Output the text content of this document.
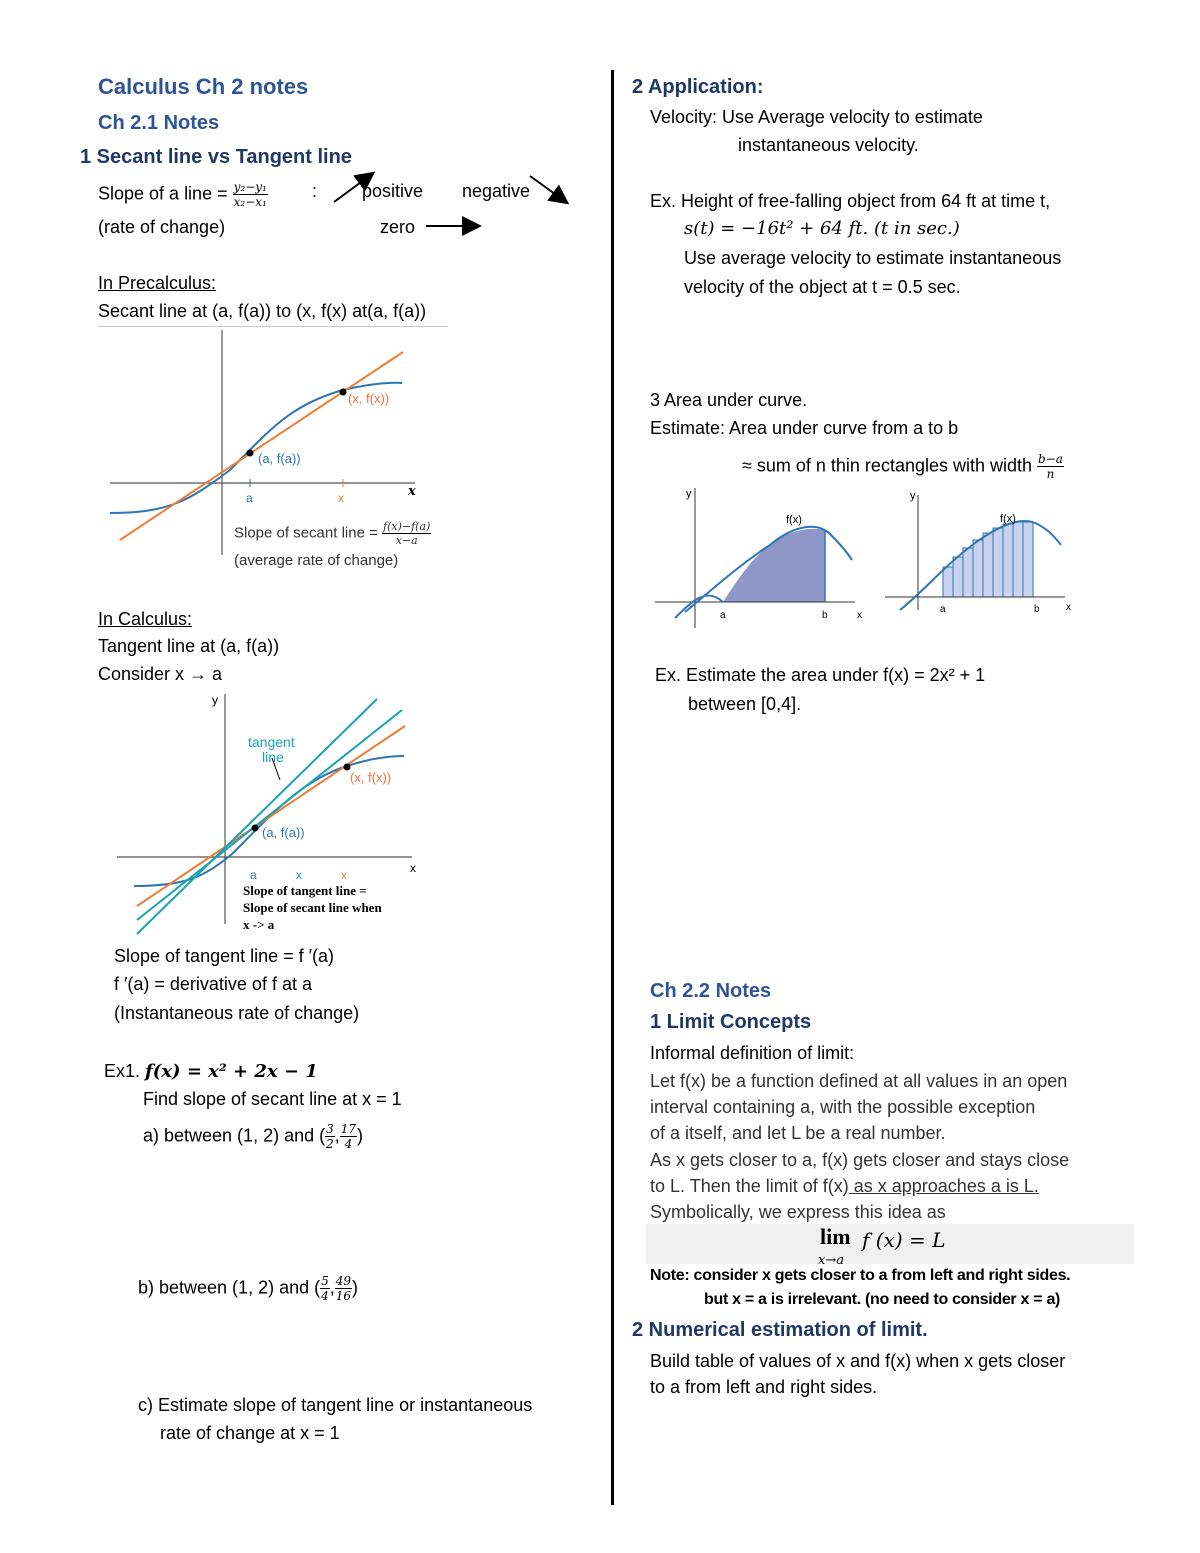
Calculus Ch 2 notes
Ch 2.1 Notes
1 Secant line vs Tangent line
Slope of a line = $\frac{\text{y₂−y₁}}{\text{x₂−x₁}}$ : positive negative
(rate of change)	zero
In Precalculus:
Secant line at (a, f(a)) to (x, f(x) at(a, f(a))
(x, f(x))
(a, f(a))
a	x	x
Slope of secant line = $\frac{f(x)-f(a)}{x-a}$
(average rate of change)
In Calculus:
Tangent line at (a, f(a))
Consider x → a
y
tangent
line
(x, f(x))
(a, f(a))
a	x	x	x
Slope of tangent line =
Slope of secant line when
x -> a
Slope of tangent line = f ′(a)
f ′(a) = derivative of f at a
(Instantaneous rate of change)
Ex1. f(x) = x² + 2x − 1
Find slope of secant line at x = 1
a) between (1, 2) and ( $\frac{3}{2}$ , $\frac{17}{4}$ )
b) between (1, 2) and ( $\frac{5}{4}$ , $\frac{49}{16}$ )
c) Estimate slope of tangent line or instantaneous
rate of change at x = 1
2 Application:
Velocity: Use Average velocity to estimate
instantaneous velocity.
Ex. Height of free-falling object from 64 ft at time t,
s(t) = −16t² + 64 ft. (t in sec.)
Use average velocity to estimate instantaneous
velocity of the object at t = 0.5 sec.
3 Area under curve.
Estimate: Area under curve from a to b
≈ sum of n thin rectangles with width $\frac{b-a}{n}$
y
f(x)
a	b	x
y
f(x)
a	b	x
Ex. Estimate the area under f(x) = 2x² + 1
between [0,4].
Ch 2.2 Notes
1 Limit Concepts
Informal definition of limit:
Let f(x) be a function defined at all values in an open
interval containing a, with the possible exception
of a itself, and let L be a real number.
As x gets closer to a, f(x) gets closer and stays close
to L. Then the limit of f(x) as x approaches a is L.
Symbolically, we express this idea as
lim
x→a
f (x) = L
Note: consider x gets closer to a from left and right sides.
but x = a is irrelevant. (no need to consider x = a)
2 Numerical estimation of limit.
Build table of values of x and f(x) when x gets closer
to a from left and right sides.
